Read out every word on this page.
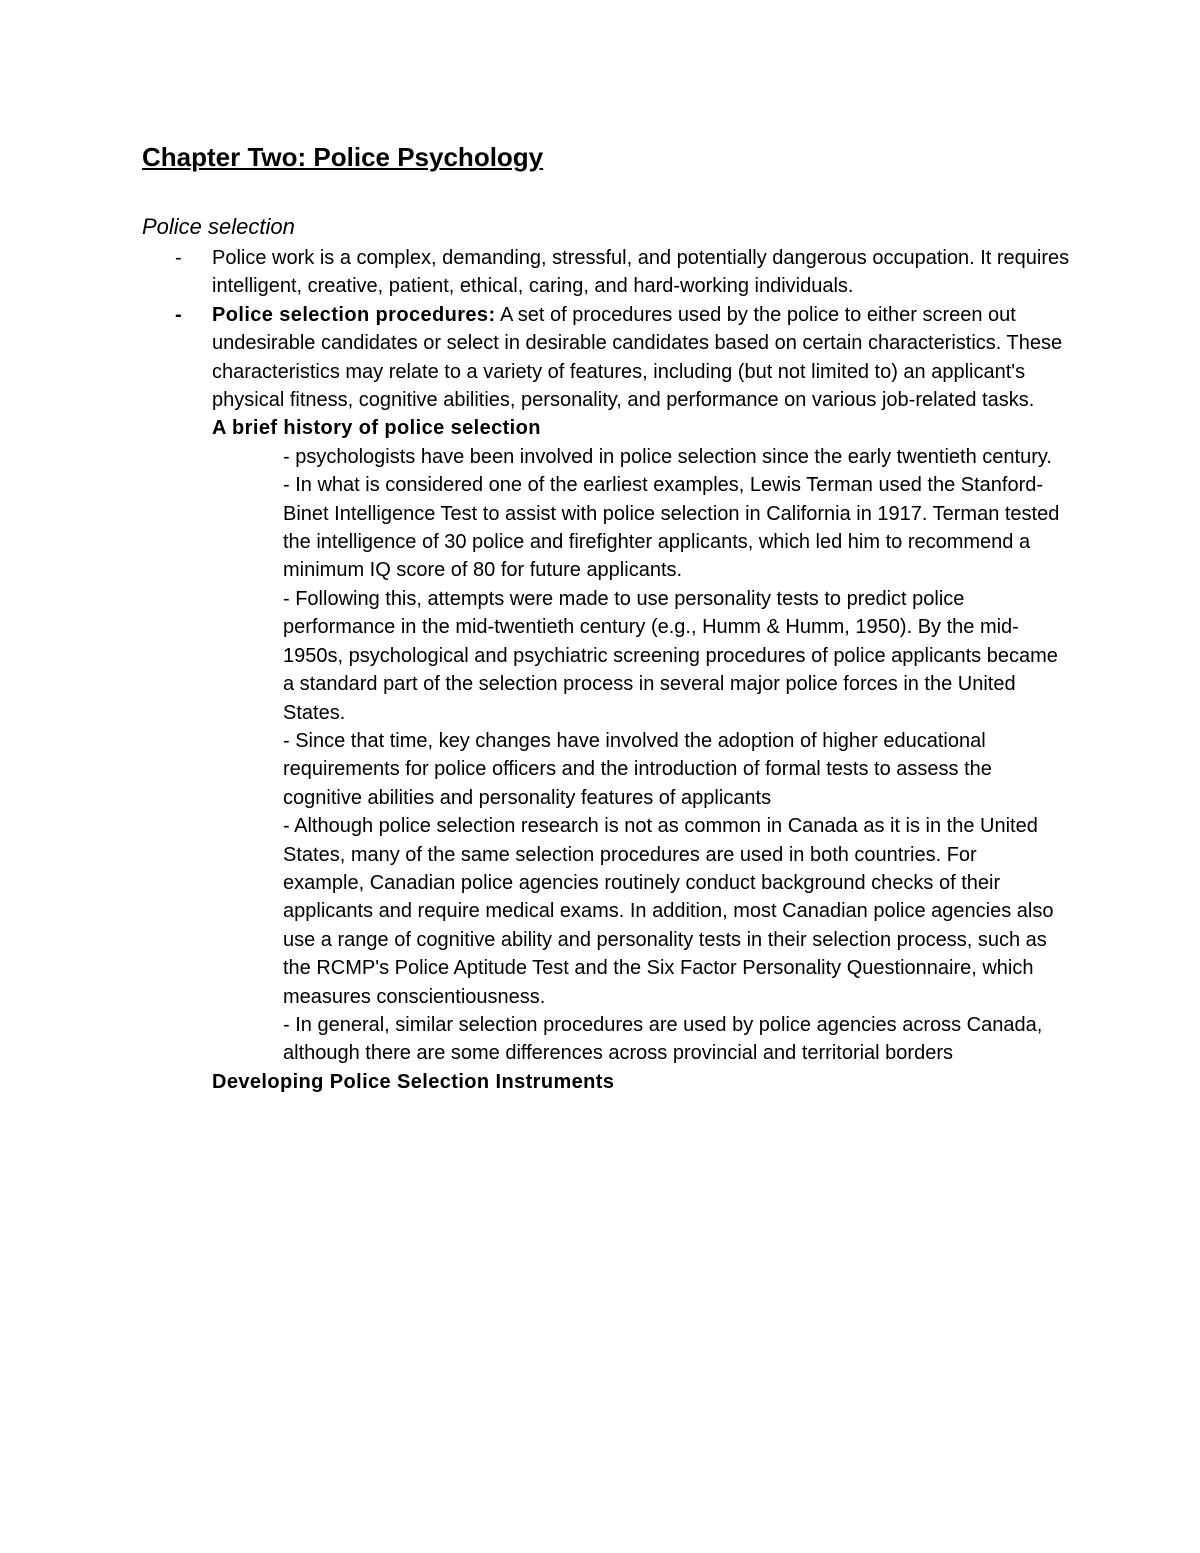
Chapter Two: Police Psychology
Police selection
- Police work is a complex, demanding, stressful, and potentially dangerous occupation. It requires intelligent, creative, patient, ethical, caring, and hard-working individuals.
- Police selection procedures: A set of procedures used by the police to either screen out undesirable candidates or select in desirable candidates based on certain characteristics. These characteristics may relate to a variety of features, including (but not limited to) an applicant's physical fitness, cognitive abilities, personality, and performance on various job-related tasks.
A brief history of police selection
- psychologists have been involved in police selection since the early twentieth century.
- In what is considered one of the earliest examples, Lewis Terman used the Stanford-Binet Intelligence Test to assist with police selection in California in 1917. Terman tested the intelligence of 30 police and firefighter applicants, which led him to recommend a minimum IQ score of 80 for future applicants.
- Following this, attempts were made to use personality tests to predict police performance in the mid-twentieth century (e.g., Humm & Humm, 1950). By the mid-1950s, psychological and psychiatric screening procedures of police applicants became a standard part of the selection process in several major police forces in the United States.
- Since that time, key changes have involved the adoption of higher educational requirements for police officers and the introduction of formal tests to assess the cognitive abilities and personality features of applicants
- Although police selection research is not as common in Canada as it is in the United States, many of the same selection procedures are used in both countries. For example, Canadian police agencies routinely conduct background checks of their applicants and require medical exams. In addition, most Canadian police agencies also use a range of cognitive ability and personality tests in their selection process, such as the RCMP's Police Aptitude Test and the Six Factor Personality Questionnaire, which measures conscientiousness.
- In general, similar selection procedures are used by police agencies across Canada, although there are some differences across provincial and territorial borders
Developing Police Selection Instruments
